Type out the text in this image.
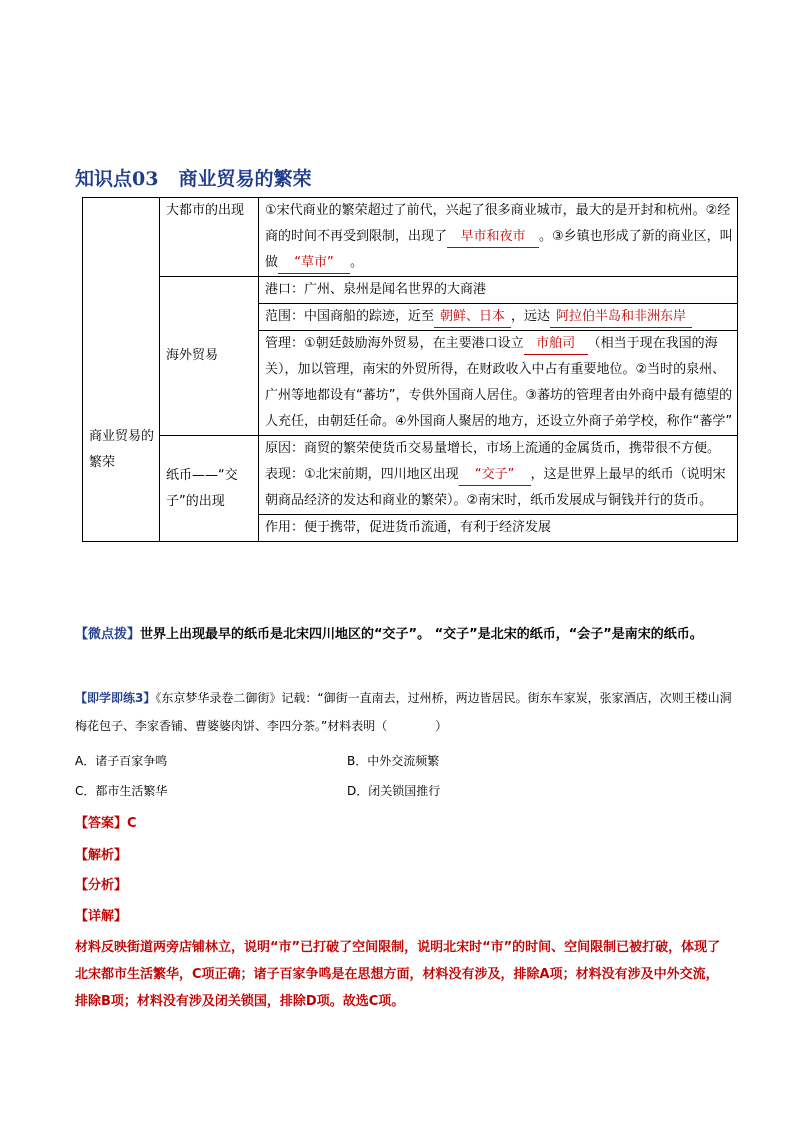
知识点03 商业贸易的繁荣
商业贸易的繁荣	大都市的出现	①宋代商业的繁荣超过了前代，兴起了很多商业城市，最大的是开封和杭州。②经商的时间不再受到限制，出现了 早市和夜市 。③乡镇也形成了新的商业区，叫做 “草市” 。
	海外贸易	港口：广州、泉州是闻名世界的大商港
		范围：中国商船的踪迹，近至 朝鲜、日本 ，远达 阿拉伯半岛和非洲东岸
		管理：①朝廷鼓励海外贸易，在主要港口设立 市舶司 （相当于现在我国的海关），加以管理，南宋的外贸所得，在财政收入中占有重要地位。②当时的泉州、广州等地都设有“蕃坊”，专供外国商人居住。③蕃坊的管理者由外商中最有德望的人充任，由朝廷任命。④外国商人聚居的地方，还设立外商子弟学校，称作“蕃学”
	纸币——“交子”的出现	原因：商贸的繁荣使货币交易量增长，市场上流通的金属货币，携带很不方便。
表现：①北宋前期，四川地区出现 “交子” ，这是世界上最早的纸币（说明宋朝商品经济的发达和商业的繁荣）。②南宋时，纸币发展成与铜钱并行的货币。

		作用：便于携带，促进货币流通，有利于经济发展
【微点拨】世界上出现最早的纸币是北宋四川地区的“交子”。 “交子”是北宋的纸币，“会子”是南宋的纸币。
【即学即练3】《东京梦华录卷二御街》记载：“御街一直南去，过州桥，两边皆居民。街东车家炭，张家酒店，次则王楼山洞梅花包子、李家香铺、曹婆婆肉饼、李四分茶。”材料表明（　　　　）
A．诸子百家争鸣	B．中外交流频繁
C．都市生活繁华	D．闭关锁国推行
【答案】C
【解析】
【分析】
【详解】
材料反映街道两旁店铺林立，说明“市”已打破了空间限制，说明北宋时“市”的时间、空间限制已被打破，体现了北宋都市生活繁华，C项正确；诸子百家争鸣是在思想方面，材料没有涉及，排除A项；材料没有涉及中外交流，排除B项；材料没有涉及闭关锁国，排除D项。故选C项。
